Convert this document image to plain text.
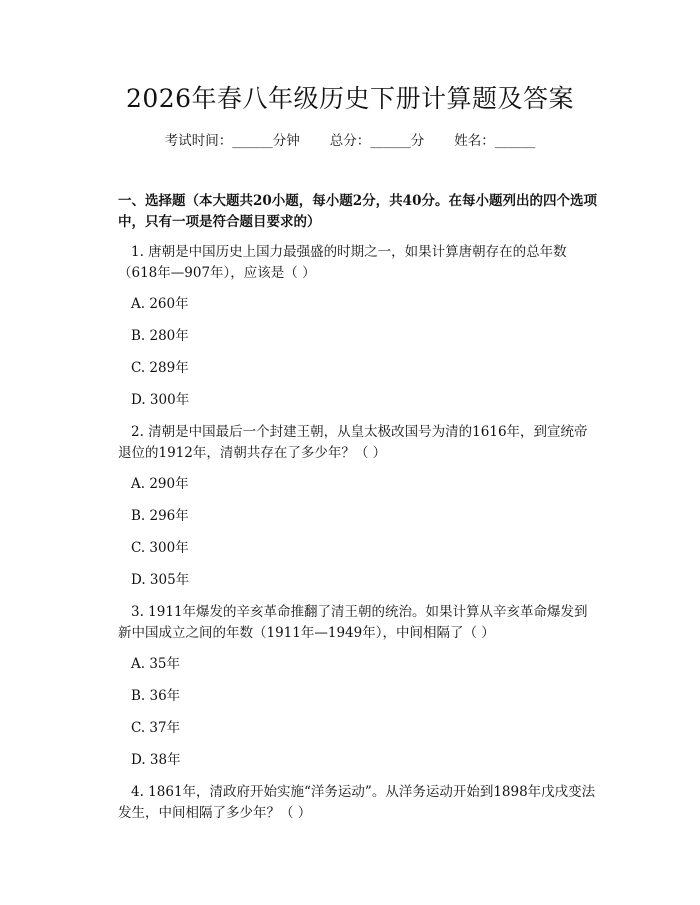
2026年春八年级历史下册计算题及答案
考试时间：______分钟 总分：______分 姓名：______
一、选择题（本大题共20小题，每小题2分，共40分。在每小题列出的四个选项中，只有一项是符合题目要求的）
1. 唐朝是中国历史上国力最强盛的时期之一，如果计算唐朝存在的总年数（618年—907年），应该是（ ）
A. 260年
B. 280年
C. 289年
D. 300年
2. 清朝是中国最后一个封建王朝，从皇太极改国号为清的1616年，到宣统帝退位的1912年，清朝共存在了多少年？（ ）
A. 290年
B. 296年
C. 300年
D. 305年
3. 1911年爆发的辛亥革命推翻了清王朝的统治。如果计算从辛亥革命爆发到新中国成立之间的年数（1911年—1949年），中间相隔了（ ）
A. 35年
B. 36年
C. 37年
D. 38年
4. 1861年，清政府开始实施“洋务运动”。从洋务运动开始到1898年戊戌变法发生，中间相隔了多少年？（ ）
